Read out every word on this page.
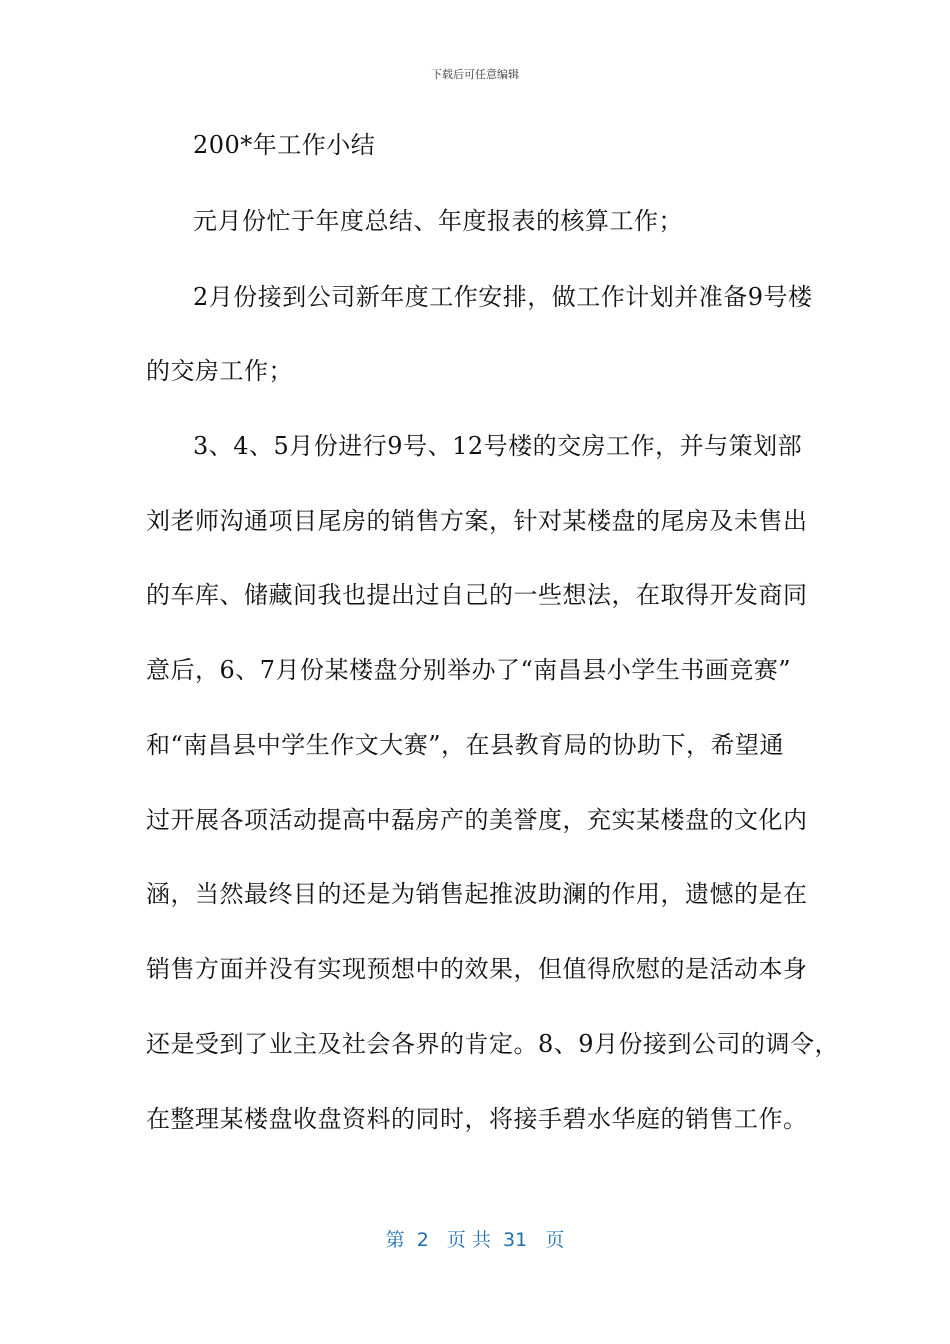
下载后可任意编辑
200*年工作小结
元月份忙于年度总结、年度报表的核算工作；
2月份接到公司新年度工作安排，做工作计划并准备9号楼
的交房工作；
3、4、5月份进行9号、12号楼的交房工作，并与策划部
刘老师沟通项目尾房的销售方案，针对某楼盘的尾房及未售出
的车库、储藏间我也提出过自己的一些想法，在取得开发商同
意后，6、7月份某楼盘分别举办了“南昌县小学生书画竞赛”
和“南昌县中学生作文大赛”，在县教育局的协助下，希望通
过开展各项活动提高中磊房产的美誉度，充实某楼盘的文化内
涵，当然最终目的还是为销售起推波助澜的作用，遗憾的是在
销售方面并没有实现预想中的效果，但值得欣慰的是活动本身
还是受到了业主及社会各界的肯定。8、9月份接到公司的调令，
在整理某楼盘收盘资料的同时，将接手碧水华庭的销售工作。
第  2   页 共  31   页
